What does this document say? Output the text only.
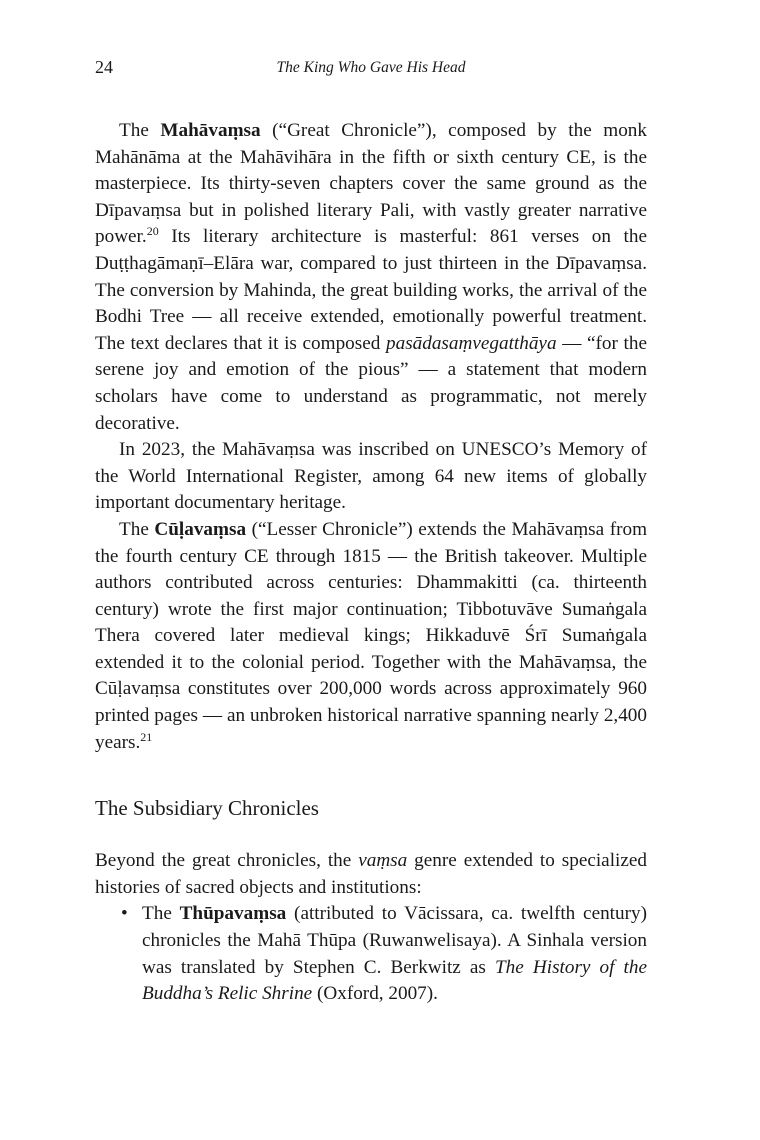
24	The King Who Gave His Head

The Mahāvaṃsa (“Great Chronicle”), composed by the monk Mahānāma at the Mahāvihāra in the fifth or sixth century CE, is the masterpiece. Its thirty-seven chapters cover the same ground as the Dīpavaṃsa but in polished literary Pali, with vastly greater narrative power.$^{20}$ Its literary architecture is masterful: 861 verses on the Duṭṭhagāmaṇī–Elāra war, compared to just thirteen in the Dīpavaṃsa. The conversion by Mahinda, the great building works, the arrival of the Bodhi Tree — all receive extended, emotionally powerful treatment. The text declares that it is composed pasādasaṃvegatthāya — “for the serene joy and emotion of the pious” — a statement that modern scholars have come to understand as programmatic, not merely decorative.

In 2023, the Mahāvaṃsa was inscribed on UNESCO’s Memory of the World International Register, among 64 new items of globally important documentary heritage.

The Cūḷavaṃsa (“Lesser Chronicle”) extends the Mahāvaṃsa from the fourth century CE through 1815 — the British takeover. Multiple authors contributed across centuries: Dhammakitti (ca. thirteenth century) wrote the first major continuation; Tibbotuvāve Sumaṅgala Thera covered later medieval kings; Hikkaduvē Śrī Sumaṅgala extended it to the colonial period. Together with the Mahāvaṃsa, the Cūḷavaṃsa constitutes over 200,000 words across approximately 960 printed pages — an unbroken historical narrative spanning nearly 2,400 years.$^{21}$

The Subsidiary Chronicles

Beyond the great chronicles, the vaṃsa genre extended to specialized histories of sacred objects and institutions:

• The Thūpavaṃsa (attributed to Vācissara, ca. twelfth century) chronicles the Mahā Thūpa (Ruwanwelisaya). A Sinhala version was translated by Stephen C. Berkwitz as The History of the Buddha’s Relic Shrine (Oxford, 2007).
